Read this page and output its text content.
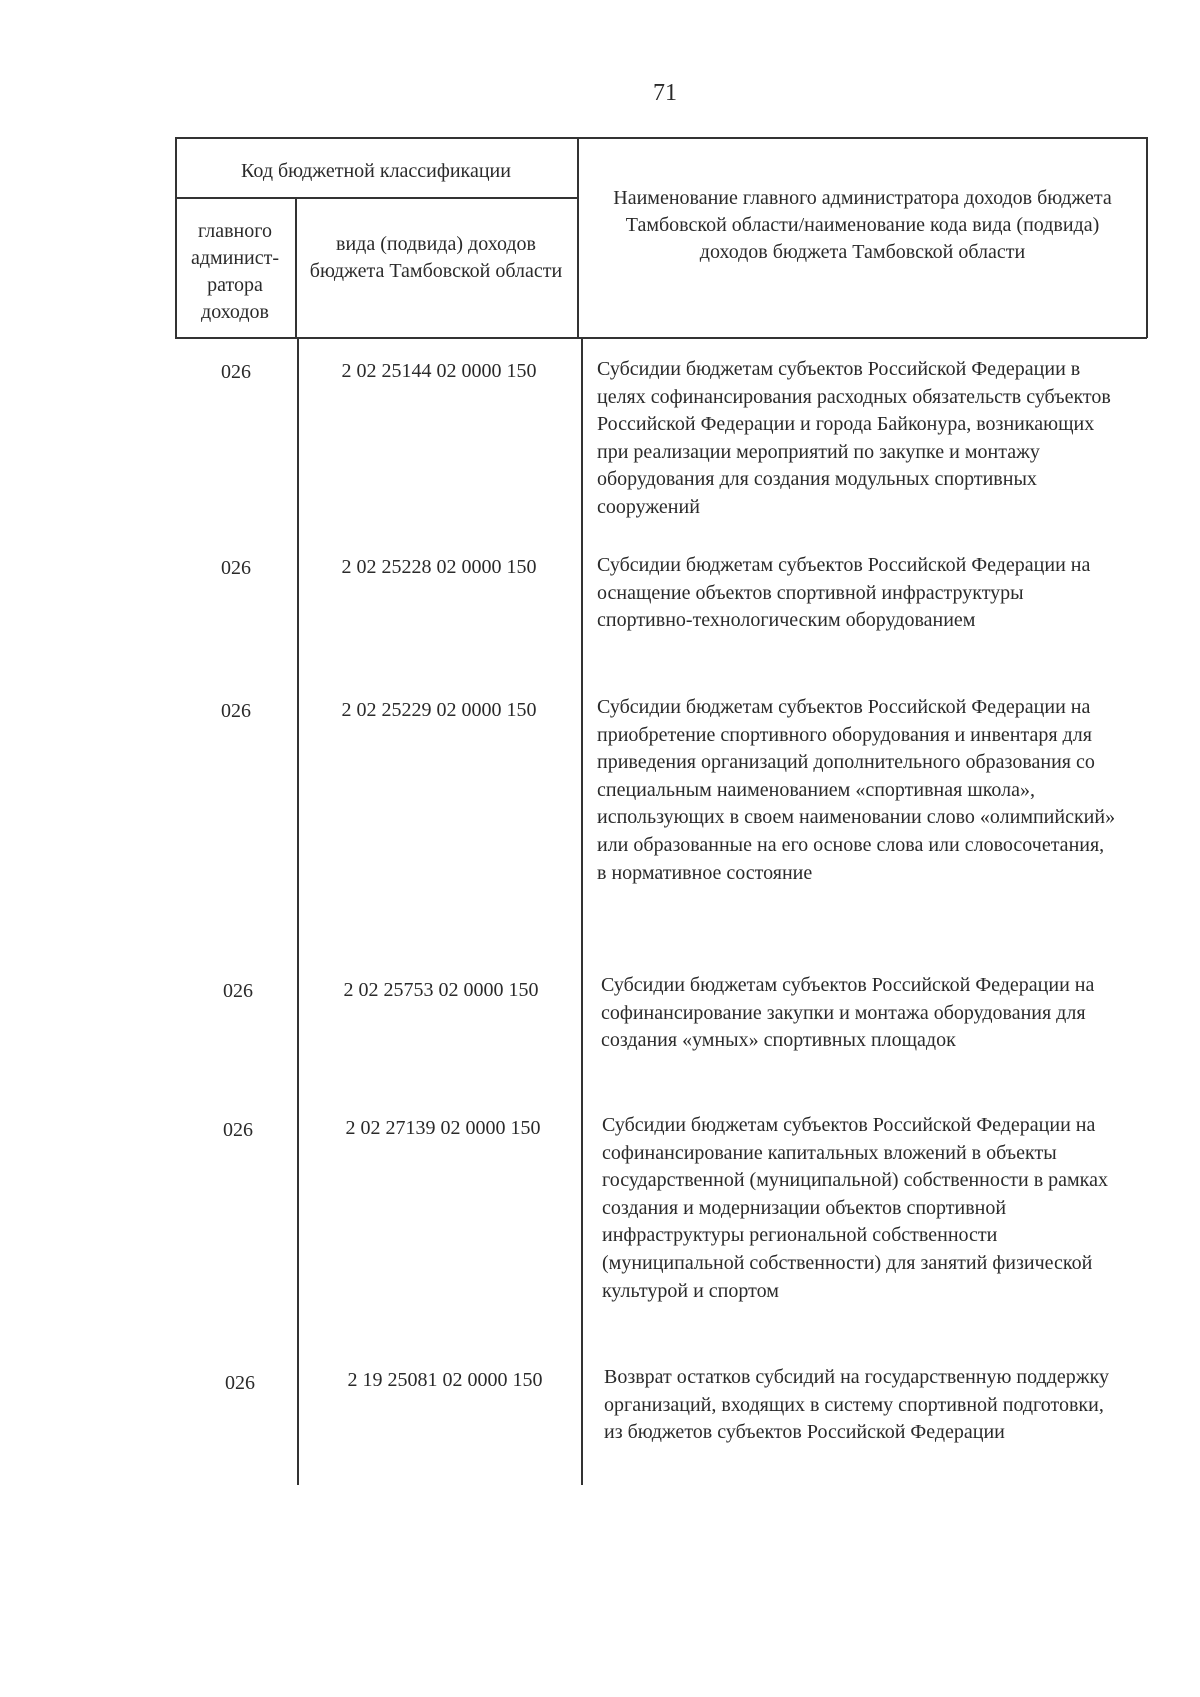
71
Код бюджетной классификации
главного админист-ратора доходов
вида (подвида) доходов бюджета Тамбовской области
Наименование главного администратора доходов бюджета Тамбовской области/наименование кода вида (подвида) доходов бюджета Тамбовской области
026	2 02 25144 02 0000 150	Субсидии бюджетам субъектов Российской Федерации в целях софинансирования расходных обязательств субъектов Российской Федерации и города Байконура, возникающих при реализации мероприятий по закупке и монтажу оборудования для создания модульных спортивных сооружений
026	2 02 25228 02 0000 150	Субсидии бюджетам субъектов Российской Федерации на оснащение объектов спортивной инфраструктуры спортивно-технологическим оборудованием
026	2 02 25229 02 0000 150	Субсидии бюджетам субъектов Российской Федерации на приобретение спортивного оборудования и инвентаря для приведения организаций дополнительного образования со специальным наименованием «спортивная школа», использующих в своем наименовании слово «олимпийский» или образованные на его основе слова или словосочетания, в нормативное состояние
026	2 02 25753 02 0000 150	Субсидии бюджетам субъектов Российской Федерации на софинансирование закупки и монтажа оборудования для создания «умных» спортивных площадок
026	2 02 27139 02 0000 150	Субсидии бюджетам субъектов Российской Федерации на софинансирование капитальных вложений в объекты государственной (муниципальной) собственности в рамках создания и модернизации объектов спортивной инфраструктуры региональной собственности (муниципальной собственности) для занятий физической культурой и спортом
026	2 19 25081 02 0000 150	Возврат остатков субсидий на государственную поддержку организаций, входящих в систему спортивной подготовки, из бюджетов субъектов Российской Федерации
